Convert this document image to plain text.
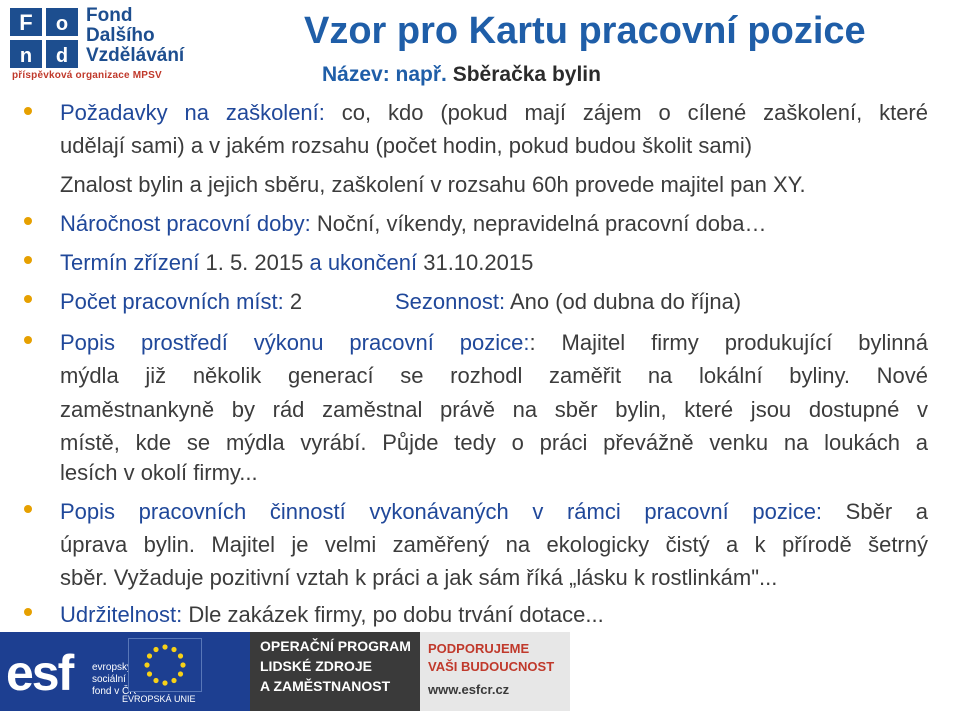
F o
n d
Fond
Dalšího
Vzdělávání
příspěvková organizace MPSV
Vzor pro Kartu pracovní pozice
Název: např. Sběračka bylin
Požadavky na zaškolení: co, kdo (pokud mají zájem o cílené zaškolení, které
udělají sami) a v jakém rozsahu (počet hodin, pokud budou školit sami)
Znalost bylin a jejich sběru, zaškolení v rozsahu 60h provede majitel pan XY.
Náročnost pracovní doby: Noční, víkendy, nepravidelná pracovní doba…
Termín zřízení 1. 5. 2015 a ukončení 31.10.2015
Počet pracovních míst: 2	Sezonnost: Ano (od dubna do října)
Popis prostředí výkonu pracovní pozice:: Majitel firmy produkující bylinná
mýdla již několik generací se rozhodl zaměřit na lokální byliny. Nové
zaměstnankyně by rád zaměstnal právě na sběr bylin, které jsou dostupné v
místě, kde se mýdla vyrábí. Půjde tedy o práci převážně venku na loukách a
lesích v okolí firmy...
Popis pracovních činností vykonávaných v rámci pracovní pozice: Sběr a
úprava bylin. Majitel je velmi zaměřený na ekologicky čistý a k přírodě šetrný
sběr. Vyžaduje pozitivní vztah k práci a jak sám říká „lásku k rostlinkám"...
Udržitelnost: Dle zakázek firmy, po dobu trvání dotace...
esf evropský
sociální
fond v ČR
EVROPSKÁ UNIE
OPERAČNÍ PROGRAM
LIDSKÉ ZDROJE
A ZAMĚSTNANOST
PODPORUJEME
VAŠI BUDOUCNOST
www.esfcr.cz
